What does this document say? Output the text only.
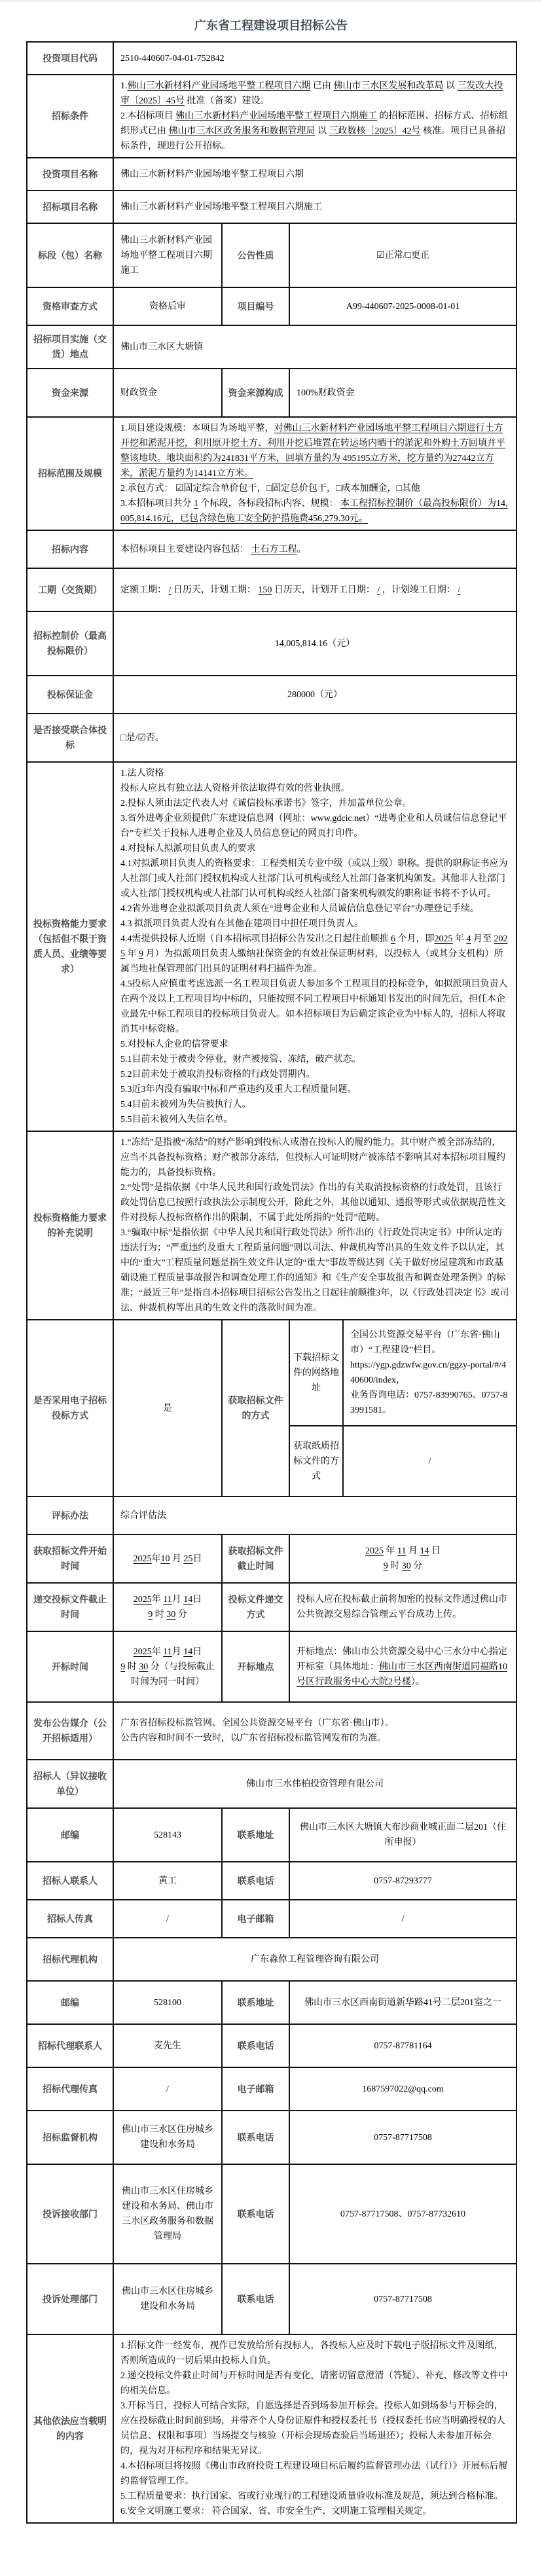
广东省工程建设项目招标公告
投资项目代码	2510-440607-04-01-752842			
招标条件	1.佛山三水新材料产业园场地平整工程项目六期 已由 佛山市三水区发展和改革局 以 三发改大投审〔2025〕45号 批准（备案）建设。
2.本招标项目 佛山三水新材料产业园场地平整工程项目六期施工 的招标范围、招标方式、招标组织形式已由 佛山市三水区政务服务和数据管理局 以 三政数核〔2025〕42号 核准。项目已具备招标条件，现进行公开招标。			

投资项目名称	佛山三水新材料产业园场地平整工程项目六期			
招标项目名称	佛山三水新材料产业园场地平整工程项目六期施工			
标段（包）名称	佛山三水新材料产业园场地平整工程项目六期施工	公告性质	☑正常/□更正	
资格审查方式	资格后审	项目编号	A99-440607-2025-0008-01-01	
招标项目实施（交货）地点	佛山市三水区大塘镇			
资金来源	财政资金	资金来源构成	100%财政资金	
招标范围及规模	1.项目建设规模：本项目为场地平整，对佛山三水新材料产业园场地平整工程项目六期进行土方开挖和淤泥开挖，利用原开挖土方、利用开挖后堆置在转运场内晒干的淤泥和外购土方回填并平整该地块。地块面积约为241831平方米，回填方量约为 495195立方米，挖方量约为27442立方米，淤泥方量约为14141立方米。
2.承包方式： ☑固定综合单价包干，□固定总价包干，□成本加酬金，□其他
3.本招标项目共分 1 个标段，各标段招标内容、规模： 本工程招标控制价（最高投标限价）为14,005,814.16元，已包含绿色施工安全防护措施费456,279.30元。			

招标内容	本招标项目主要建设内容包括： 土石方工程。			

工期（交货期）	定额工期： / 日历天，计划工期： 150 日历天，计划开工日期： / ，计划竣工日期： /			

招标控制价（最高投标限价）	14,005,814.16（元）			
投标保证金	280000（元）			
是否接受联合体投标	□是/☑否。			
投标资格能力要求（包括但不限于资质人员、业绩等要求）	
1.法人资格
投标人应具有独立法人资格并依法取得有效的营业执照。
2.投标人须由法定代表人对《诚信投标承诺书》签字，并加盖单位公章。
3.省外进粤企业须提供广东建设信息网（网址：www.gdcic.net）“进粤企业和人员诚信信息登记平台”专栏关于投标人进粤企业及人员信息登记的网页打印件。
4.对投标人拟派项目负责人的要求
4.1对拟派项目负责人的资格要求：工程类相关专业中级（或以上级）职称。提供的职称证书应为人社部门或人社部门授权机构或人社部门认可机构或经人社部门备案机构颁发。其他非人社部门或人社部门授权机构或人社部门认可机构或经人社部门备案机构颁发的职称证书将不予认可。
4.2省外进粤企业拟派项目负责人须在“进粤企业和人员诚信信息登记平台”办理登记手续。
4.3 拟派项目负责人没有在其他在建项目中担任项目负责人。
4.4需提供投标人近期（自本招标项目招标公告发出之日起往前顺推 6 个月，即2025 年 4 月至 2025 年 9 月）为拟派项目负责人缴纳社保资金的有效社保证明材料，以投标人（或其分支机构）所属当地社保管理部门出具的证明材料扫描件为准。
4.5投标人应慎重考虑选派一名工程项目负责人参加多个工程项目的投标竞争，如拟派项目负责人在两个及以上工程项目均中标的，只能按照不同工程项目中标通知书发出的时间先后，担任本企业最先中标工程项目的投标项目负责人。如本招标项目为后确定该企业为中标人的，招标人将取消其中标资格。
5.对投标人企业的信誉要求
5.1目前未处于被责令停业，财产被接管、冻结，破产状态。
5.2目前未处于被取消投标资格的行政处罚期内。
5.3近3年内没有骗取中标和严重违约及重大工程质量问题。
5.4目前未被列为失信被执行人。
5.5目前未被列入失信名单。

投标资格能力要求的补充说明	1.“冻结”是指被“冻结”的财产影响到投标人或潜在投标人的履约能力。其中财产被全部冻结的，应当不具备投标资格；财产被部分冻结，但投标人可证明财产被冻结不影响其对本招标项目履约能力的，具备投标资格。
2.“处罚”是指依据《中华人民共和国行政处罚法》作出的有关取消投标资格的行政处罚，且该行政处罚信息已按照行政执法公示制度公开，除此之外，其他以通知、通报等形式或依据规范性文件对投标人投标资格作出的限制，不属于此处所指的“处罚”范畴。
3.“骗取中标”是指依据《中华人民共和国行政处罚法》所作出的《行政处罚决定书》中所认定的违法行为；“严重违约及重大工程质量问题”则以司法、仲裁机构等出具的生效文件予以认定，其中的“重大”工程质量问题是指生效文件认定的“重大”事故等级达到《关于做好房屋建筑和市政基础设施工程质量事故报告和调查处理工作的通知》和《生产安全事故报告和调查处理条例》的标准；“最近三年”是指自本招标项目招标公告发出之日起往前顺推3年，以《行政处罚决定书》或司法、仲裁机构等出具的生效文件的落款时间为准。			

是否采用电子招标投标方式	是	获取招标文件的方式	下载招标文件的网络地址	全国公共资源交易平台（广东省·佛山市）“工程建设”栏目。
https://ygp.gdzwfw.gov.cn/ggzy-portal/#/440600/index，
业务咨询电话：0757-83990765、0757-83991581。

			获取纸质招标文件的方式	/
评标办法	综合评估法			
获取招标文件开始时间	2025年10 月 25日	获取招标文件截止时间	2025 年 11 月 14 日
9 时 30 分	

递交投标文件截止时间	2025年 11月 14日
9 时 30 分	投标文件递交方式	投标人应在投标截止前将加密的投标文件通过佛山市公共资源交易综合管理云平台成功上传。	

开标时间	2025年 11月 14日
9 时 30 分（与投标截止时间为同一时间）	开标地点	开标地点：佛山市公共资源交易中心三水分中心指定开标室（具体地址：佛山市三水区西南街道同福路10号区行政服务中心大院2号楼）。	

发布公告媒介（公开招标适用）	广东省招标投标监管网、全国公共资源交易平台（广东省·佛山市）。
公告内容和时间不一致时，以广东省招标投标监管网发布的为准。			

招标人（异议接收单位）	佛山市三水伟柏投资管理有限公司			
邮编	528143	联系地址	佛山市三水区大塘镇大布沙商业城正面二层201（住所申报）	
招标人联系人	黄工	联系电话	0757-87293777	
招标人传真	/	电子邮箱	/	
招标代理机构	广东淼倬工程管理咨询有限公司			
邮编	528100	联系地址	佛山市三水区西南街道新华路41号二层201室之一	
招标代理联系人	麦先生	联系电话	0757-87781164	
招标代理传真	/	电子邮箱	1687597022@qq.com	
招标监督机构	佛山市三水区住房城乡建设和水务局	联系电话	0757-87717508	
投诉接收部门	佛山市三水区住房城乡建设和水务局、佛山市三水区政务服务和数据管理局	联系电话	0757-87717508、0757-87732610	
投诉处理部门	佛山市三水区住房城乡建设和水务局	联系电话	0757-87717508	
其他依法应当载明的内容	
1.招标文件一经发布，视作已发放给所有投标人，各投标人应及时下载电子版招标文件及图纸，否则所造成的一切后果由投标人自负。
2.递交投标文件截止时间与开标时间是否有变化，请密切留意澄清（答疑）、补充、修改等文件中的相关信息。
3.开标当日，投标人可结合实际，自愿选择是否到场参加开标会。投标人如到场参与开标会的，应在投标截止时间前到场，并带齐个人身份证原件和授权委托书（授权委托书应当明确授权的人员信息、权限和事项）当场提交与核验（开标会现场查验后当场退还）；投标人未参加开标会的，视为对开标程序和结果无异议。
4.本招标项目将按照《佛山市政府投资工程建设项目标后履约监督管理办法（试行）》开展标后履约监督管理工作。
5.工程质量要求：执行国家、省或行业现行的工程建设质量验收标准及规范，须达到合格标准。
6.安全文明施工要求： 符合国家、省、市安全生产、文明施工管理相关规定。
